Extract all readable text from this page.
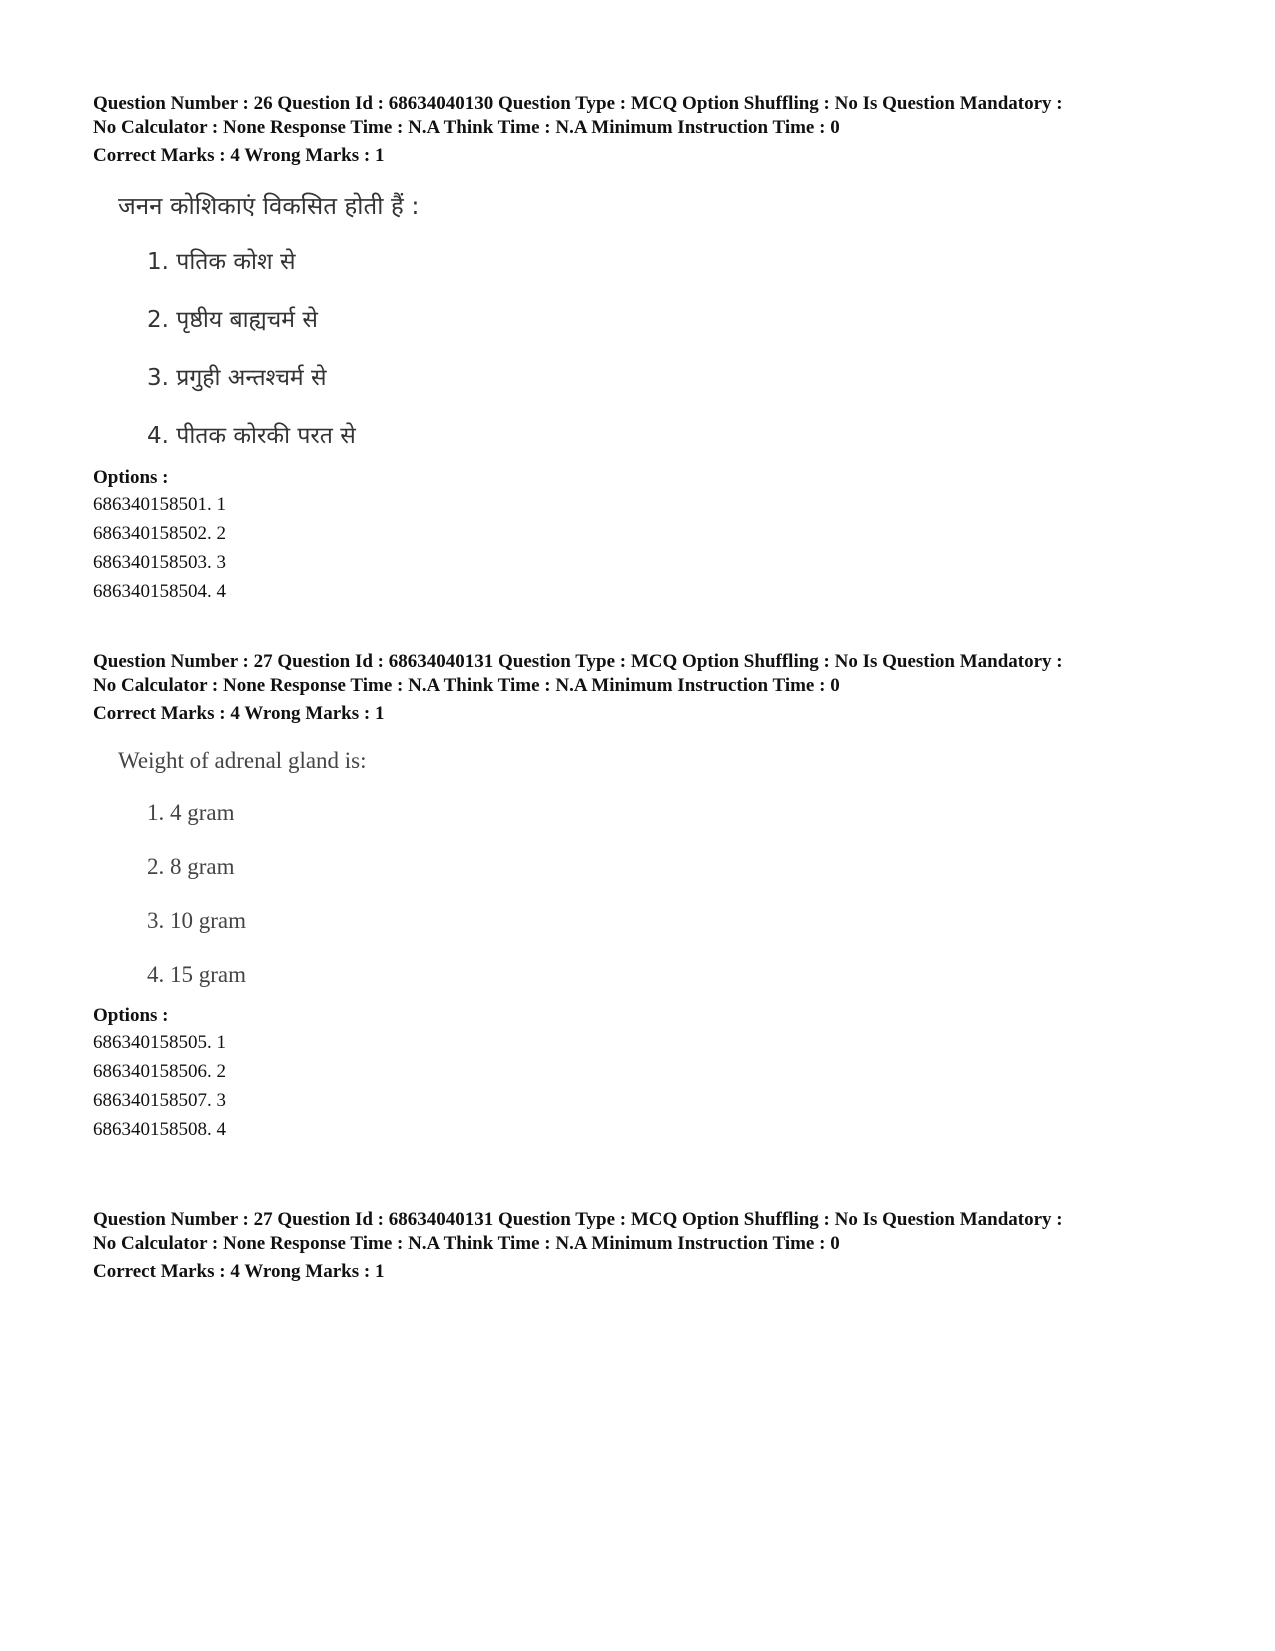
Question Number : 26 Question Id : 68634040130 Question Type : MCQ Option Shuffling : No Is Question Mandatory :

No Calculator : None Response Time : N.A Think Time : N.A Minimum Instruction Time : 0

Correct Marks : 4 Wrong Marks : 1

जनन कोशिकाएं विकसित होती हैं :

1. पतिक कोश से

2. पृष्ठीय बाह्यचर्म से

3. प्रगुही अन्तश्चर्म से

4. पीतक कोरकी परत से

Options :
686340158501. 1
686340158502. 2
686340158503. 3
686340158504. 4

Question Number : 27 Question Id : 68634040131 Question Type : MCQ Option Shuffling : No Is Question Mandatory :

No Calculator : None Response Time : N.A Think Time : N.A Minimum Instruction Time : 0

Correct Marks : 4 Wrong Marks : 1

Weight of adrenal gland is:

1. 4 gram

2. 8 gram

3. 10 gram

4. 15 gram

Options :
686340158505. 1
686340158506. 2
686340158507. 3
686340158508. 4

Question Number : 27 Question Id : 68634040131 Question Type : MCQ Option Shuffling : No Is Question Mandatory :

No Calculator : None Response Time : N.A Think Time : N.A Minimum Instruction Time : 0

Correct Marks : 4 Wrong Marks : 1
